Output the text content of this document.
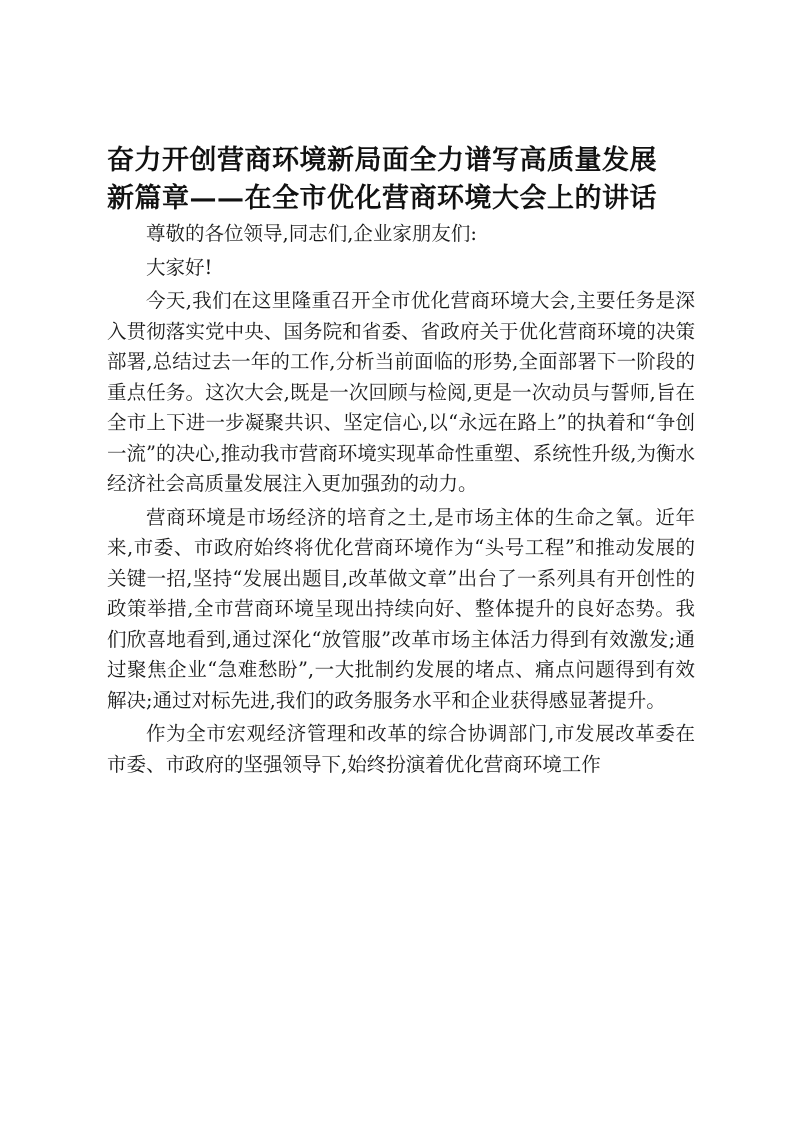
奋力开创营商环境新局面全力谱写高质量发展
新篇章——在全市优化营商环境大会上的讲话

尊敬的各位领导,同志们,企业家朋友们:

大家好!

今天,我们在这里隆重召开全市优化营商环境大会,主要任务是深入贯彻落实党中央、国务院和省委、省政府关于优化营商环境的决策部署,总结过去一年的工作,分析当前面临的形势,全面部署下一阶段的重点任务。这次大会,既是一次回顾与检阅,更是一次动员与誓师,旨在全市上下进一步凝聚共识、坚定信心,以“永远在路上”的执着和“争创一流”的决心,推动我市营商环境实现革命性重塑、系统性升级,为衡水经济社会高质量发展注入更加强劲的动力。

营商环境是市场经济的培育之土,是市场主体的生命之氧。近年来,市委、市政府始终将优化营商环境作为“头号工程”和推动发展的关键一招,坚持“发展出题目,改革做文章”出台了一系列具有开创性的政策举措,全市营商环境呈现出持续向好、整体提升的良好态势。我们欣喜地看到,通过深化“放管服”改革市场主体活力得到有效激发;通过聚焦企业“急难愁盼”,一大批制约发展的堵点、痛点问题得到有效解决;通过对标先进,我们的政务服务水平和企业获得感显著提升。

作为全市宏观经济管理和改革的综合协调部门,市发展改革委在市委、市政府的坚强领导下,始终扮演着优化营商环境工作
